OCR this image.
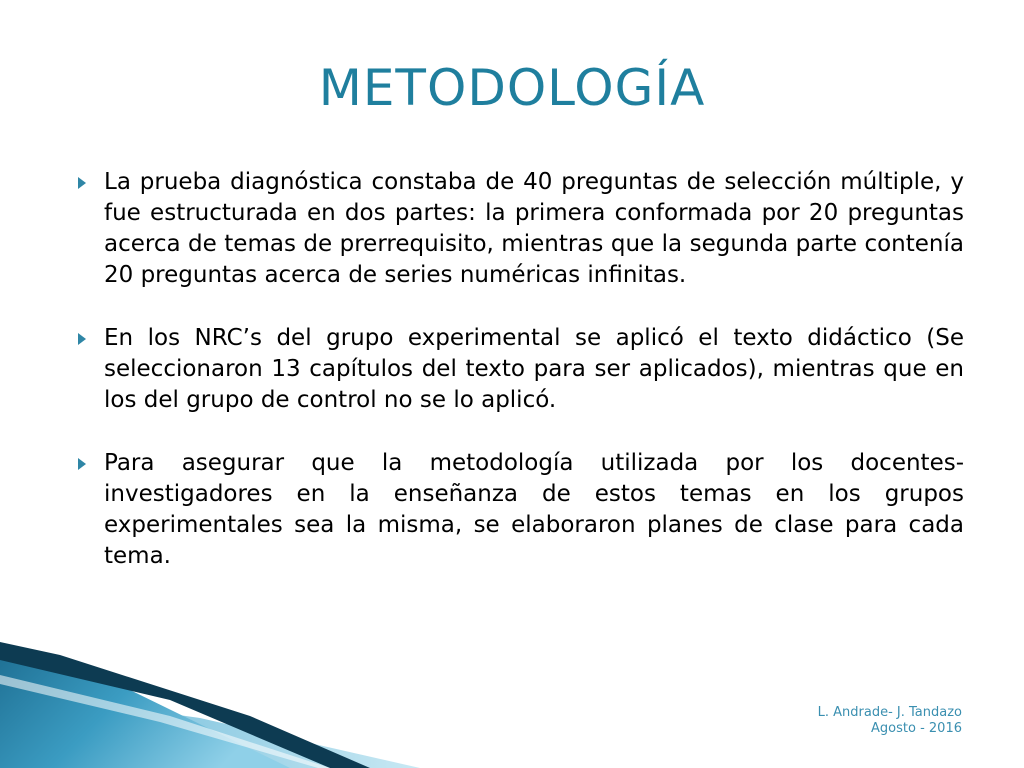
METODOLOGÍA
La prueba diagnóstica constaba de 40 preguntas de selección múltiple, y fue estructurada en dos partes: la primera conformada por 20 preguntas acerca de temas de prerrequisito, mientras que la segunda parte contenía 20 preguntas acerca de series numéricas infinitas.
En los NRC’s del grupo experimental se aplicó el texto didáctico (Se seleccionaron 13 capítulos del texto para ser aplicados), mientras que en los del grupo de control no se lo aplicó.
Para asegurar que la metodología utilizada por los docentes-investigadores en la enseñanza de estos temas en los grupos experimentales sea la misma, se elaboraron planes de clase para cada tema.
L. Andrade- J. Tandazo
Agosto - 2016
